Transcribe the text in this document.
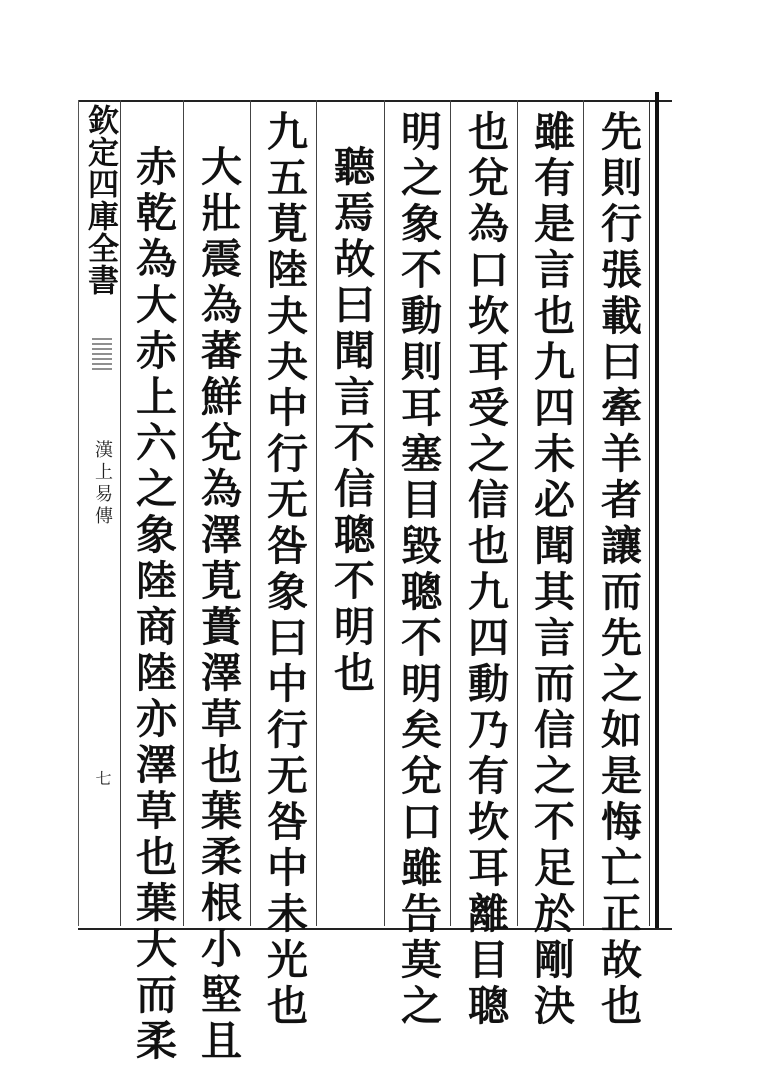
欽定四庫全書
漢上易傳
七	先則行張載曰牽羊者讓而先之如是悔亡正故也
雖有是言也九四未必聞其言而信之不足於剛決
也兌為口坎耳受之信也九四動乃有坎耳離目聰
明之象不動則耳塞目毀聰不明矣兌口雖告莫之
聽焉故曰聞言不信聰不明也
九五莧陸夬夬中行无咎象曰中行无咎中未光也
大壯震為蕃鮮兌為澤莧蕢澤草也葉柔根小堅且
赤乾為大赤上六之象陸商陸亦澤草也葉大而柔
